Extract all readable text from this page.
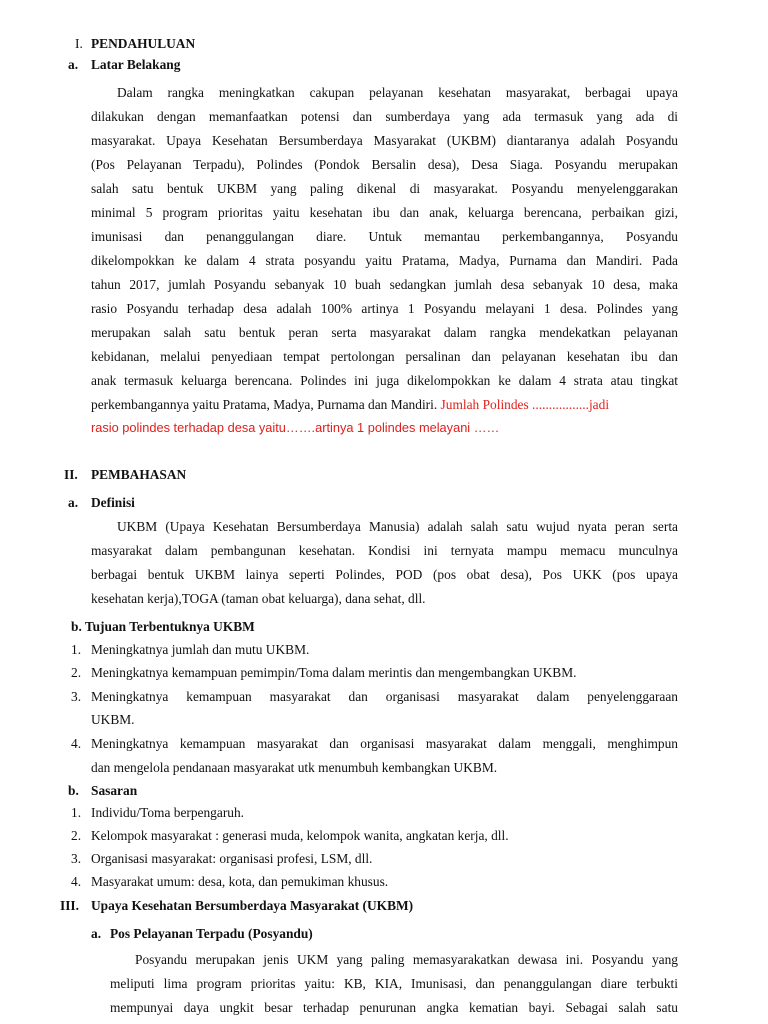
I. PENDAHULUAN
a. Latar Belakang
Dalam rangka meningkatkan cakupan pelayanan kesehatan masyarakat, berbagai upaya
dilakukan dengan memanfaatkan potensi dan sumberdaya yang ada termasuk yang ada di
masyarakat. Upaya Kesehatan Bersumberdaya Masyarakat (UKBM) diantaranya adalah Posyandu
(Pos Pelayanan Terpadu), Polindes (Pondok Bersalin desa), Desa Siaga. Posyandu merupakan
salah satu bentuk UKBM yang paling dikenal di masyarakat. Posyandu menyelenggarakan
minimal 5 program prioritas yaitu kesehatan ibu dan anak, keluarga berencana, perbaikan gizi,
imunisasi dan penanggulangan diare. Untuk memantau perkembangannya, Posyandu
dikelompokkan ke dalam 4 strata posyandu yaitu Pratama, Madya, Purnama dan Mandiri. Pada
tahun 2017, jumlah Posyandu sebanyak 10 buah sedangkan jumlah desa sebanyak 10 desa, maka
rasio Posyandu terhadap desa adalah 100% artinya 1 Posyandu melayani 1 desa. Polindes yang
merupakan salah satu bentuk peran serta masyarakat dalam rangka mendekatkan pelayanan
kebidanan, melalui penyediaan tempat pertolongan persalinan dan pelayanan kesehatan ibu dan
anak termasuk keluarga berencana. Polindes ini juga dikelompokkan ke dalam 4 strata atau tingkat
perkembangannya yaitu Pratama, Madya, Purnama dan Mandiri. Jumlah Polindes .................jadi
rasio polindes terhadap desa yaitu…….artinya 1 polindes melayani ……
II. PEMBAHASAN
a. Definisi
UKBM (Upaya Kesehatan Bersumberdaya Manusia) adalah salah satu wujud nyata peran serta
masyarakat dalam pembangunan kesehatan. Kondisi ini ternyata mampu memacu munculnya
berbagai bentuk UKBM lainya seperti Polindes, POD (pos obat desa), Pos UKK (pos upaya
kesehatan kerja),TOGA (taman obat keluarga), dana sehat, dll.
b. Tujuan Terbentuknya UKBM
1. Meningkatnya jumlah dan mutu UKBM.
2. Meningkatnya kemampuan pemimpin/Toma dalam merintis dan mengembangkan UKBM.
3. Meningkatnya kemampuan masyarakat dan organisasi masyarakat dalam penyelenggaraan
UKBM.
4. Meningkatnya kemampuan masyarakat dan organisasi masyarakat dalam menggali, menghimpun
dan mengelola pendanaan masyarakat utk menumbuh kembangkan UKBM.
b. Sasaran
1. Individu/Toma berpengaruh.
2. Kelompok masyarakat : generasi muda, kelompok wanita, angkatan kerja, dll.
3. Organisasi masyarakat: organisasi profesi, LSM, dll.
4. Masyarakat umum: desa, kota, dan pemukiman khusus.
III. Upaya Kesehatan Bersumberdaya Masyarakat (UKBM)
a. Pos Pelayanan Terpadu (Posyandu)
Posyandu merupakan jenis UKM yang paling memasyarakatkan dewasa ini. Posyandu yang
meliputi lima program prioritas yaitu: KB, KIA, Imunisasi, dan penanggulangan diare terbukti
mempunyai daya ungkit besar terhadap penurunan angka kematian bayi. Sebagai salah satu
